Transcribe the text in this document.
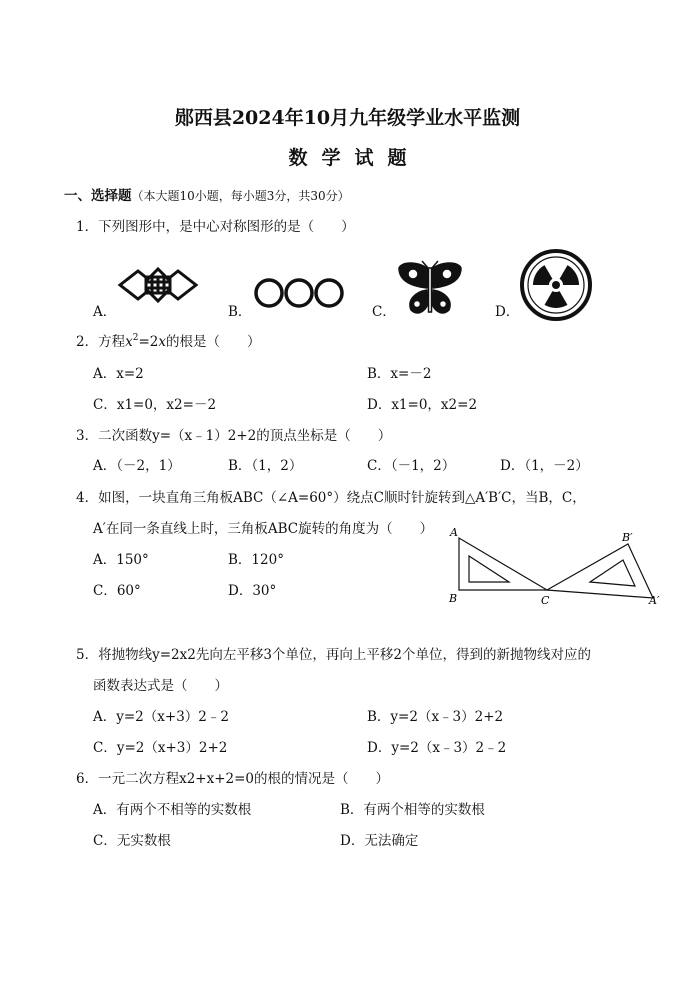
郧西县2024年10月九年级学业水平监测
数学试题
一、选择题（本大题10小题，每小题3分，共30分）
1．下列图形中，是中心对称图形的是（　　）
A．	B．	C．	D．
2．方程$x^2=2x$的根是（　　）
A．x=2	B．x=－2
C．x1=0，x2=－2	D．x1=0，x2=2
3．二次函数y=（x﹣1）2+2的顶点坐标是（　　）
A．（－2，1）	B．（1，2）	C．（－1，2）	D．（1，－2）
4．如图，一块直角三角板ABC（∠A=60°）绕点C顺时针旋转到△A′B′C，当B，C，
A′在同一条直线上时，三角板ABC旋转的角度为（　　）
A．150°	B．120°
C．60°	D．30°
A
B	C
B′
A′
5．将抛物线y=2x2先向左平移3个单位，再向上平移2个单位，得到的新抛物线对应的
函数表达式是（　　）
A．y=2（x+3）2﹣2	B．y=2（x﹣3）2+2
C．y=2（x+3）2+2	D．y=2（x﹣3）2﹣2
6．一元二次方程x2+x+2=0的根的情况是（　　）
A．有两个不相等的实数根	B．有两个相等的实数根
C．无实数根	D．无法确定
